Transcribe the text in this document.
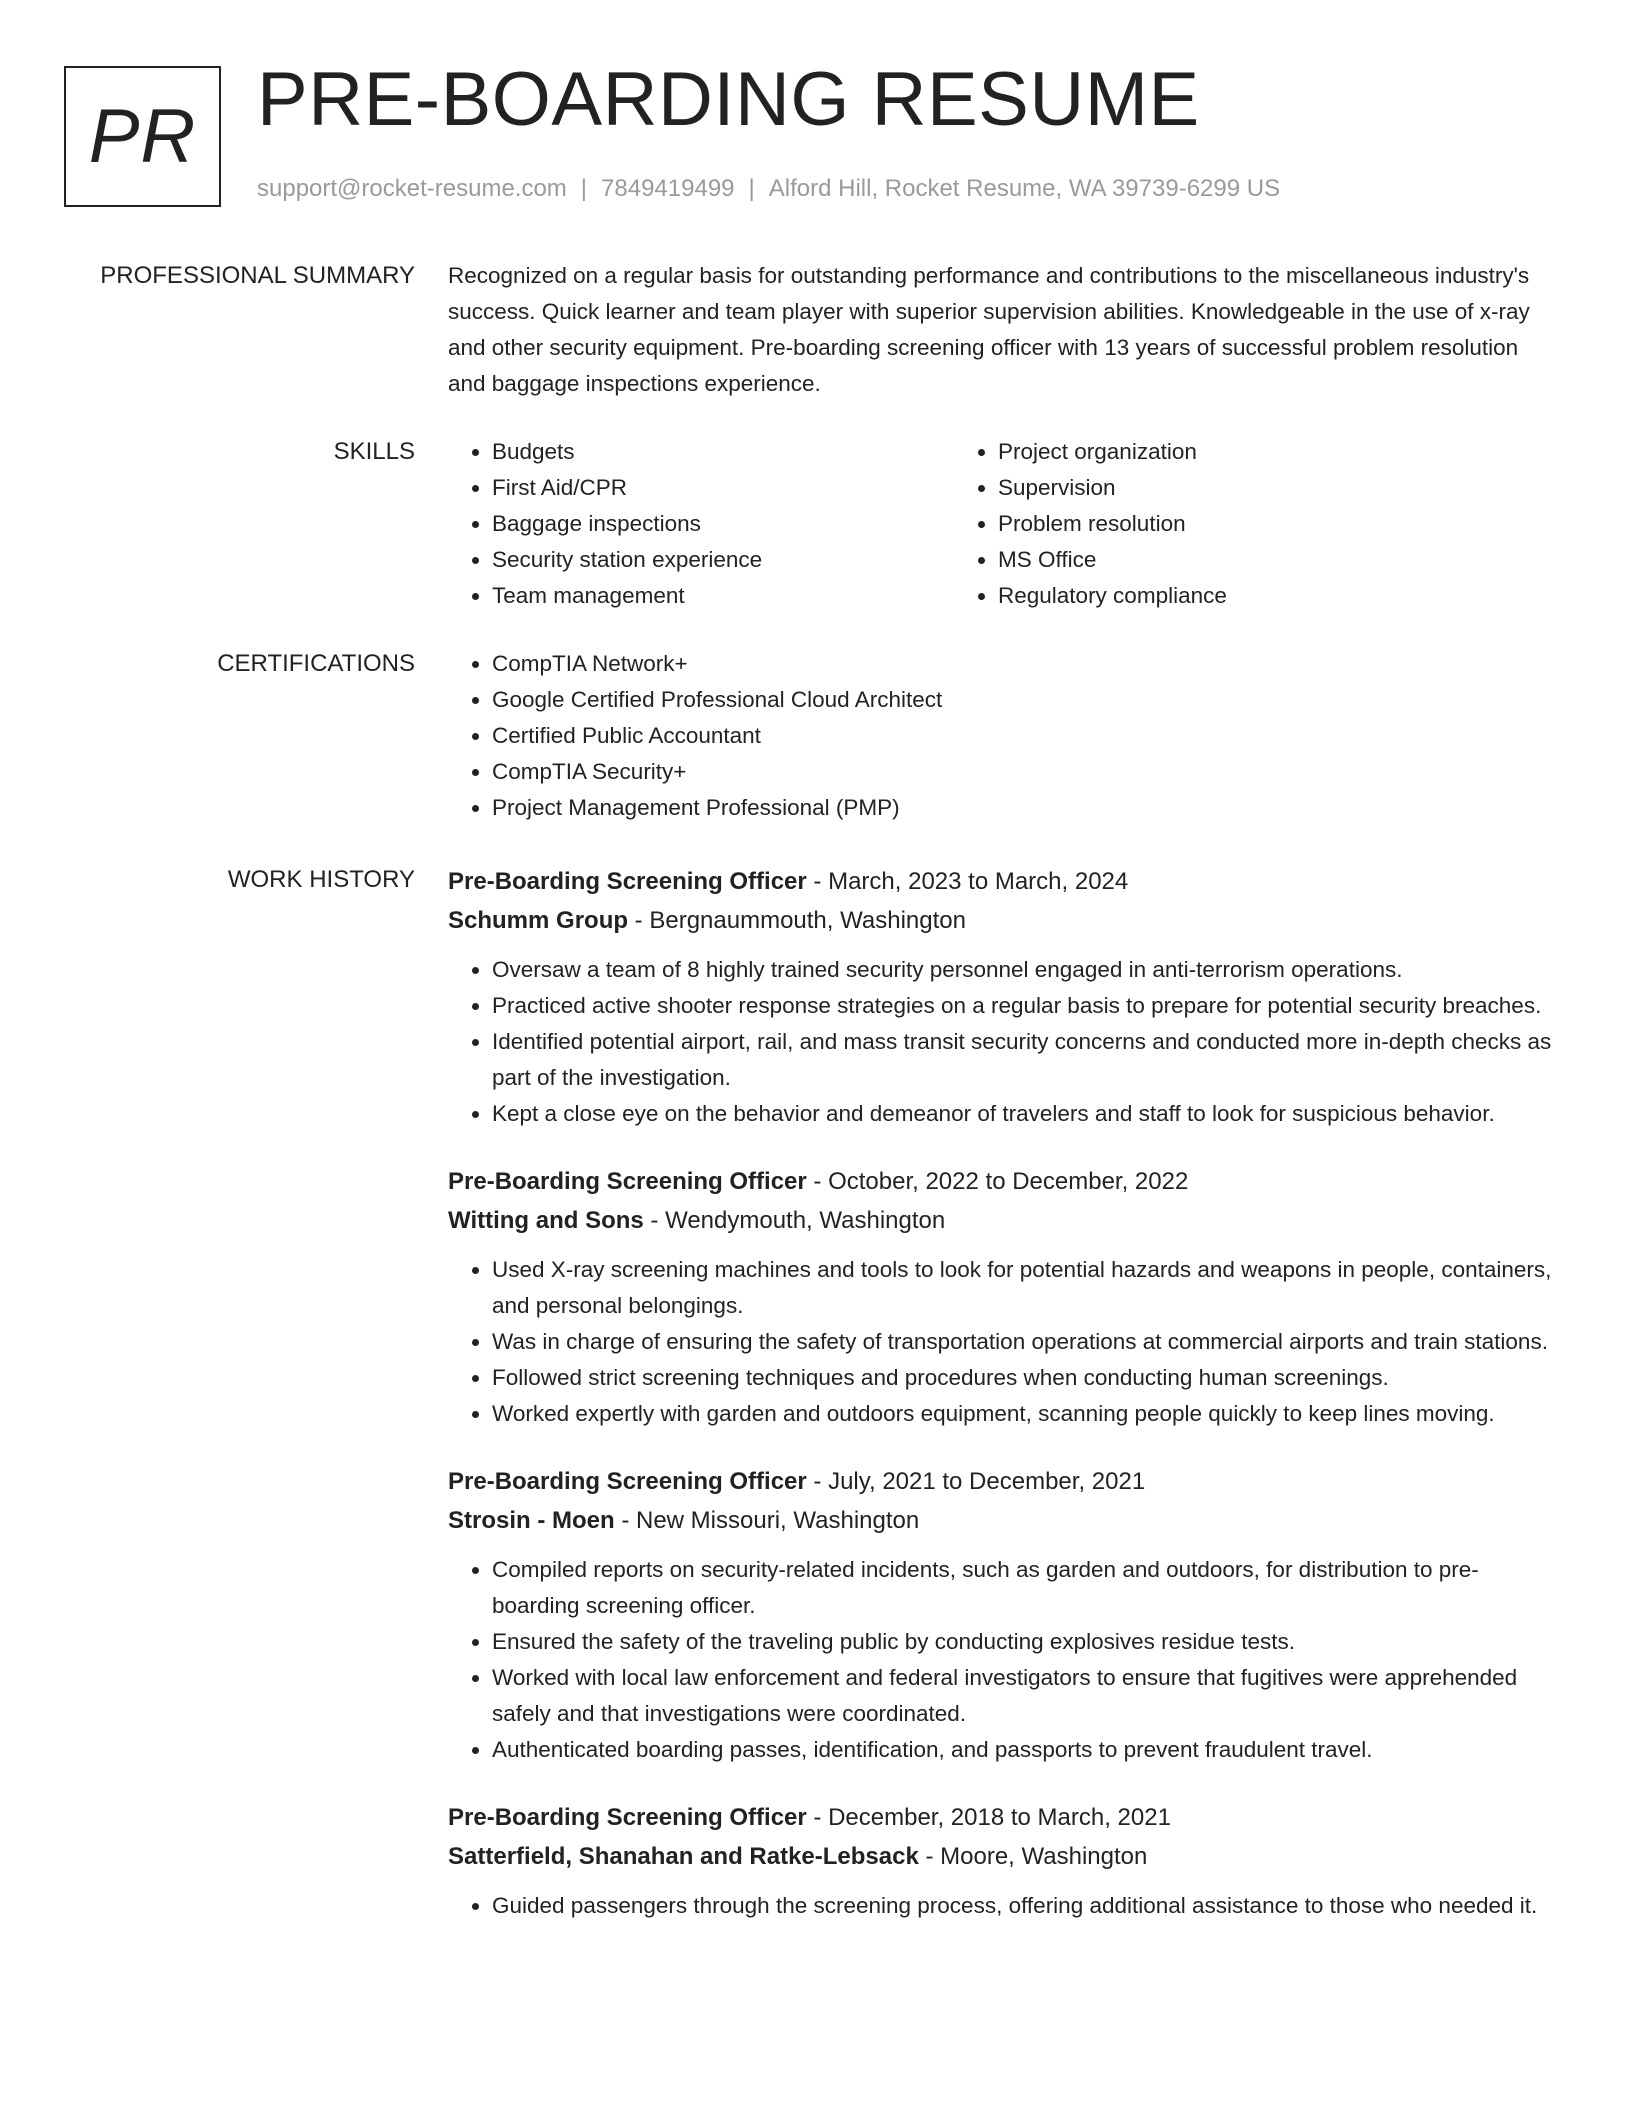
PR PRE-BOARDING RESUME
support@rocket-resume.com | 7849419499 | Alford Hill, Rocket Resume, WA 39739-6299 US
PROFESSIONAL SUMMARY Recognized on a regular basis for outstanding performance and contributions to the miscellaneous industry's success. Quick learner and team player with superior supervision abilities. Knowledgeable in the use of x-ray and other security equipment. Pre-boarding screening officer with 13 years of successful problem resolution and baggage inspections experience.

SKILLS	• Budgets
• First Aid/CPR
• Baggage inspections
• Security station experience
• Team management
• Project organization
• Supervision
• Problem resolution
• MS Office
• Regulatory compliance
CERTIFICATIONS	• CompTIA Network+
• Google Certified Professional Cloud Architect
• Certified Public Accountant
• CompTIA Security+
• Project Management Professional (PMP)
WORK HISTORY Pre-Boarding Screening Officer - March, 2023 to March, 2024
Schumm Group - Bergnaummouth, Washington
• Oversaw a team of 8 highly trained security personnel engaged in anti-terrorism operations.
• Practiced active shooter response strategies on a regular basis to prepare for potential security breaches.
• Identified potential airport, rail, and mass transit security concerns and conducted more in-depth checks as part of the investigation.
• Kept a close eye on the behavior and demeanor of travelers and staff to look for suspicious behavior.
Pre-Boarding Screening Officer - October, 2022 to December, 2022
Witting and Sons - Wendymouth, Washington
• Used X-ray screening machines and tools to look for potential hazards and weapons in people, containers, and personal belongings.
• Was in charge of ensuring the safety of transportation operations at commercial airports and train stations.
• Followed strict screening techniques and procedures when conducting human screenings.
• Worked expertly with garden and outdoors equipment, scanning people quickly to keep lines moving.
Pre-Boarding Screening Officer - July, 2021 to December, 2021
Strosin - Moen - New Missouri, Washington
• Compiled reports on security-related incidents, such as garden and outdoors, for distribution to pre-boarding screening officer.
• Ensured the safety of the traveling public by conducting explosives residue tests.
• Worked with local law enforcement and federal investigators to ensure that fugitives were apprehended safely and that investigations were coordinated.
• Authenticated boarding passes, identification, and passports to prevent fraudulent travel.
Pre-Boarding Screening Officer - December, 2018 to March, 2021
Satterfield, Shanahan and Ratke-Lebsack - Moore, Washington
• Guided passengers through the screening process, offering additional assistance to those who needed it.
